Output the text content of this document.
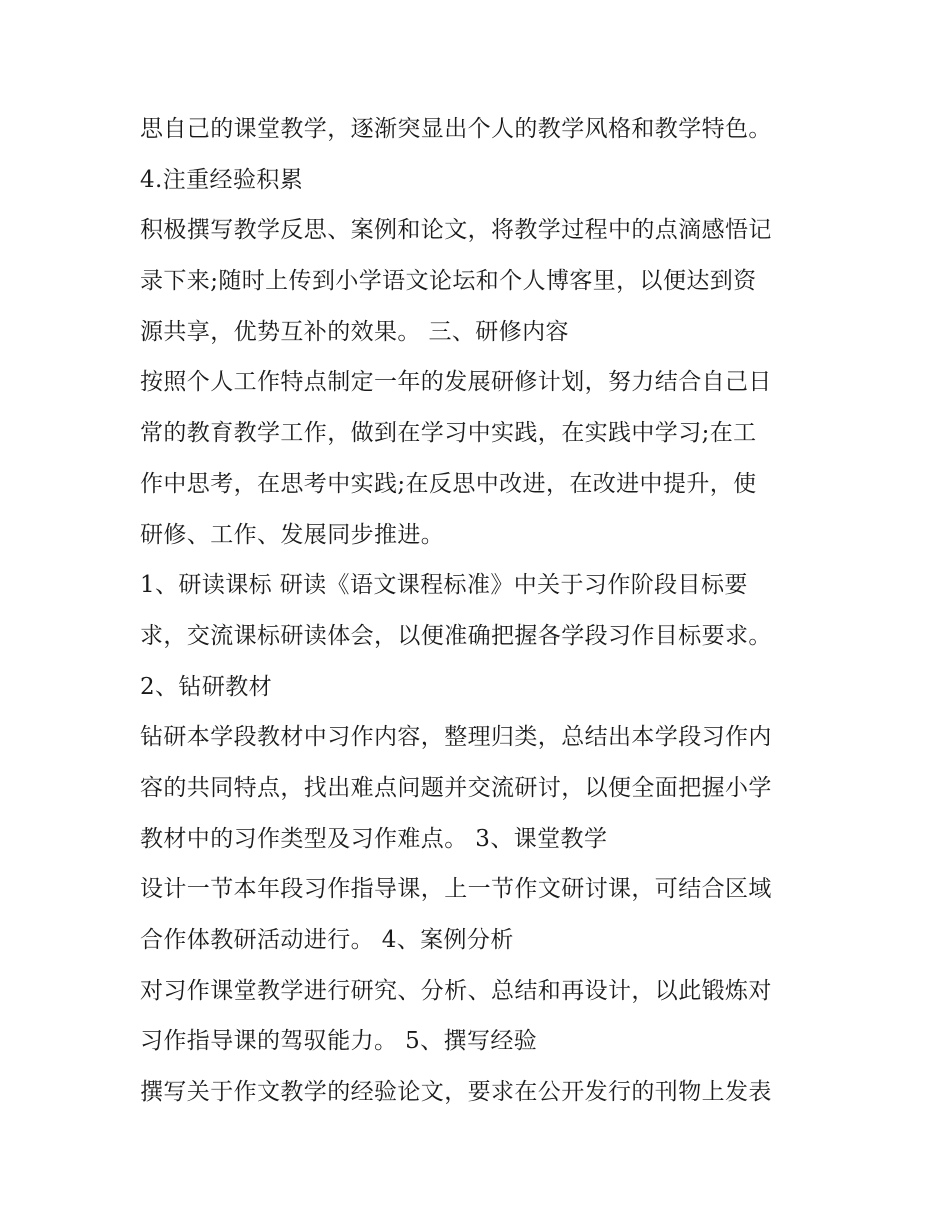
思自己的课堂教学，逐渐突显出个人的教学风格和教学特色。
4.注重经验积累
积极撰写教学反思、案例和论文，将教学过程中的点滴感悟记
录下来;随时上传到小学语文论坛和个人博客里，以便达到资
源共享，优势互补的效果。 三、研修内容
按照个人工作特点制定一年的发展研修计划，努力结合自己日
常的教育教学工作，做到在学习中实践，在实践中学习;在工
作中思考，在思考中实践;在反思中改进，在改进中提升，使
研修、工作、发展同步推进。
1、研读课标 研读《语文课程标准》中关于习作阶段目标要
求，交流课标研读体会，以便准确把握各学段习作目标要求。
2、钻研教材
钻研本学段教材中习作内容，整理归类，总结出本学段习作内
容的共同特点，找出难点问题并交流研讨，以便全面把握小学
教材中的习作类型及习作难点。 3、课堂教学
设计一节本年段习作指导课，上一节作文研讨课，可结合区域
合作体教研活动进行。 4、案例分析
对习作课堂教学进行研究、分析、总结和再设计，以此锻炼对
习作指导课的驾驭能力。 5、撰写经验
撰写关于作文教学的经验论文，要求在公开发行的刊物上发表
